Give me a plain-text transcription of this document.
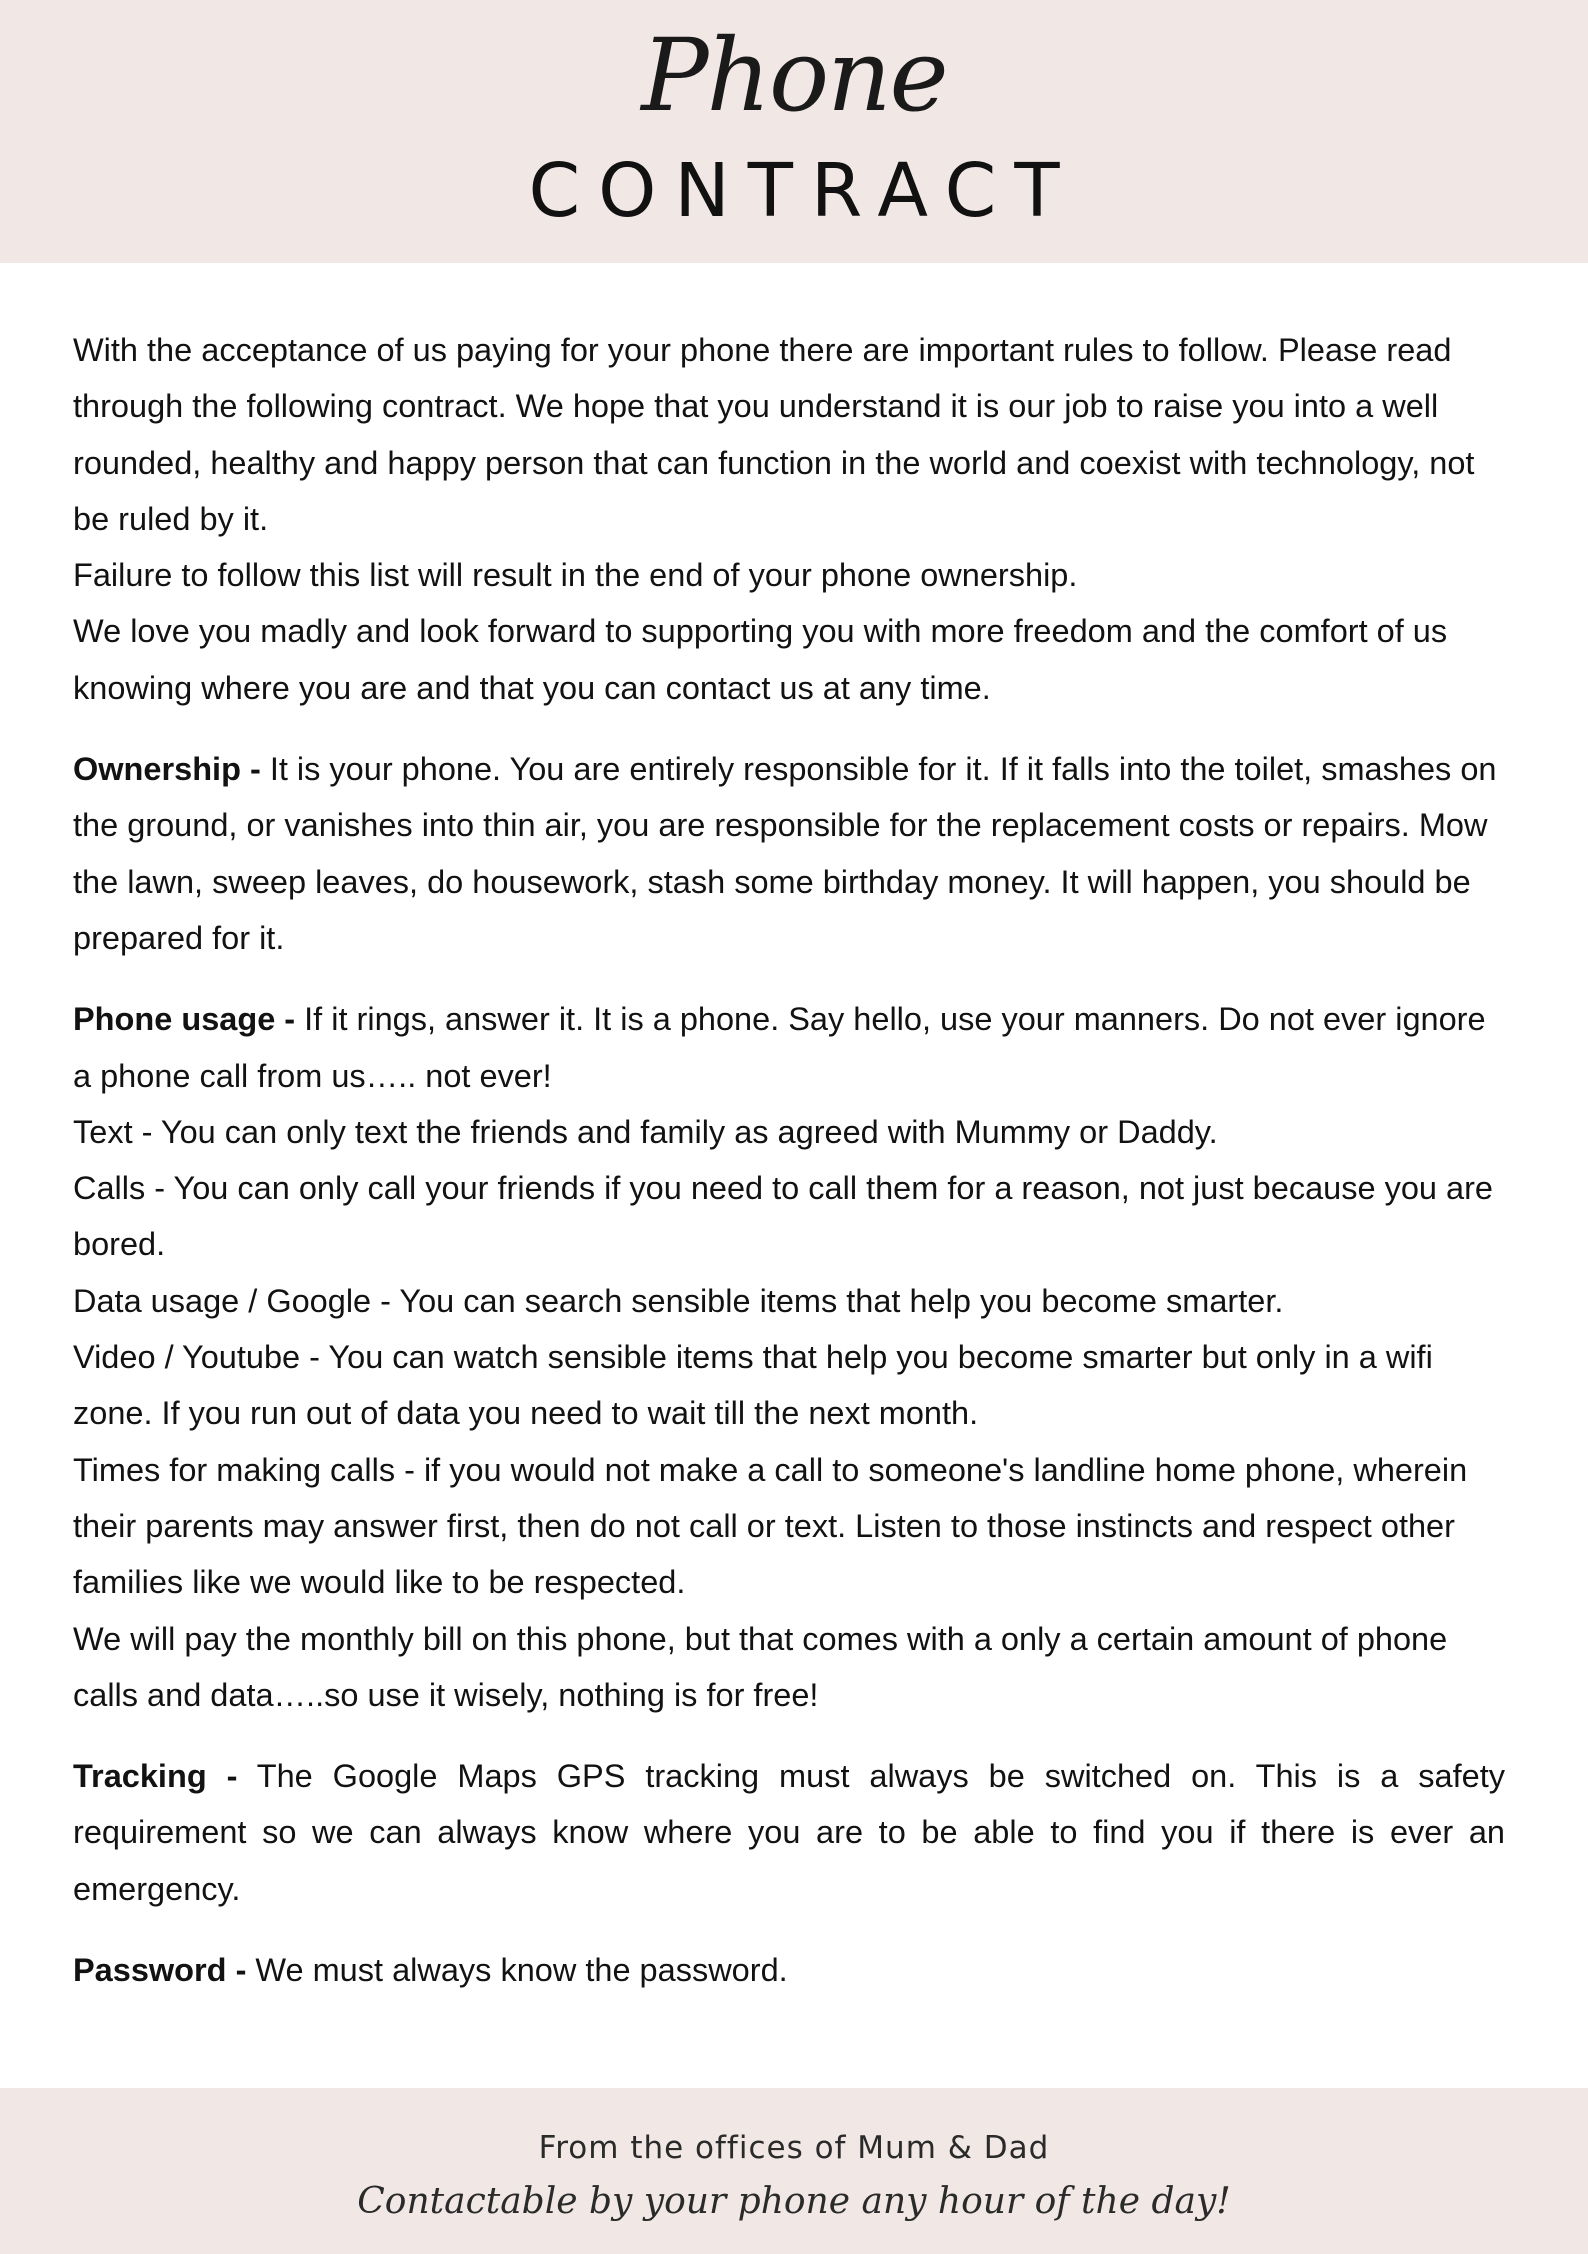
Phone
CONTRACT

With the acceptance of us paying for your phone there are important rules to follow. Please read through the following contract. We hope that you understand it is our job to raise you into a well rounded, healthy and happy person that can function in the world and coexist with technology, not be ruled by it.

Failure to follow this list will result in the end of your phone ownership.

We love you madly and look forward to supporting you with more freedom and the comfort of us knowing where you are and that you can contact us at any time.

Ownership - It is your phone. You are entirely responsible for it. If it falls into the toilet, smashes on the ground, or vanishes into thin air, you are responsible for the replacement costs or repairs. Mow the lawn, sweep leaves, do housework, stash some birthday money. It will happen, you should be prepared for it.

Phone usage - If it rings, answer it. It is a phone. Say hello, use your manners. Do not ever ignore a phone call from us….. not ever!

Text - You can only text the friends and family as agreed with Mummy or Daddy.

Calls - You can only call your friends if you need to call them for a reason, not just because you are bored.

Data usage / Google - You can search sensible items that help you become smarter.

Video / Youtube - You can watch sensible items that help you become smarter but only in a wifi zone. If you run out of data you need to wait till the next month.

Times for making calls - if you would not make a call to someone's landline home phone, wherein their parents may answer first, then do not call or text. Listen to those instincts and respect other families like we would like to be respected.

We will pay the monthly bill on this phone, but that comes with a only a certain amount of phone calls and data…..so use it wisely, nothing is for free!

Tracking - The Google Maps GPS tracking must always be switched on. This is a safety requirement so we can always know where you are to be able to find you if there is ever an emergency.

Password - We must always know the password.

From the offices of Mum & Dad
Contactable by your phone any hour of the day!
